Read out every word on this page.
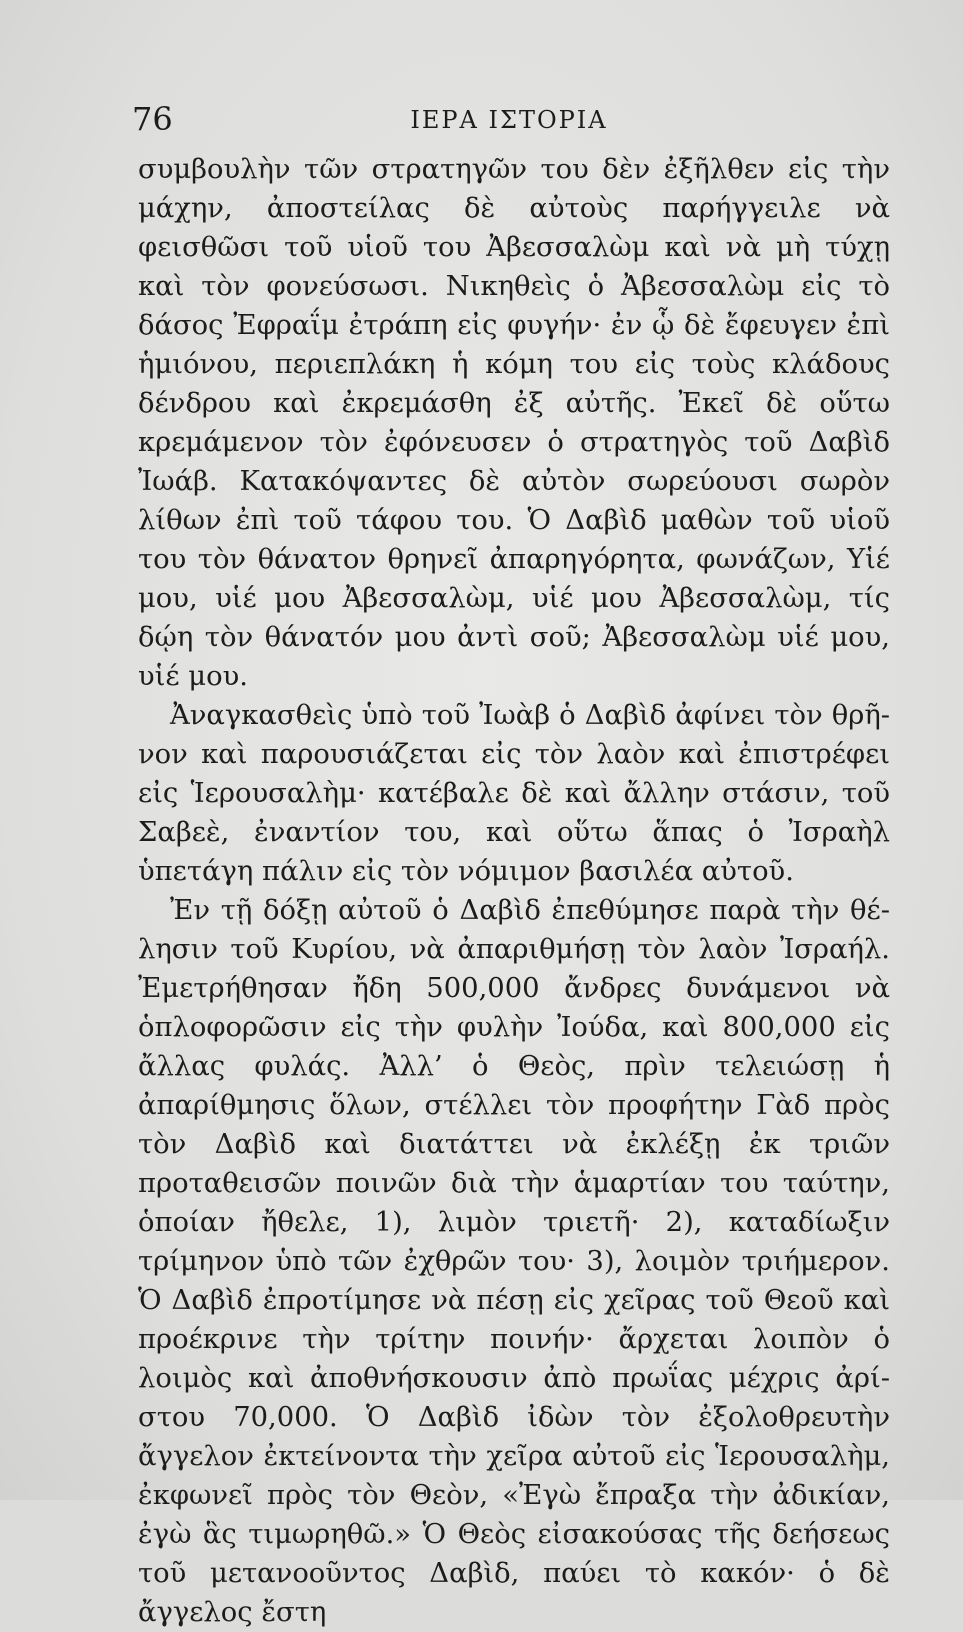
76	ΙΕΡΑ ΙΣΤΟΡΙΑ

συμβουλὴν τῶν στρατηγῶν του δὲν ἐξῆλθεν εἰς τὴν μάχην, ἀποστείλας δὲ αὐτοὺς παρήγγειλε νὰ φεισθῶσι τοῦ υἱοῦ του Ἀβεσσαλὼμ καὶ νὰ μὴ τύχῃ καὶ τὸν φονεύσωσι. Νικηθεὶς ὁ Ἀβεσσαλὼμ εἰς τὸ δάσος Ἐφραΐμ ἐτράπη εἰς φυγήν· ἐν ᾧ δὲ ἔφευγεν ἐπὶ ἡμιόνου, περιεπλάκη ἡ κόμη του εἰς τοὺς κλάδους δένδρου καὶ ἐκρεμάσθη ἐξ αὐτῆς. Ἐκεῖ δὲ οὕτω κρεμάμενον τὸν ἐφόνευσεν ὁ στρατηγὸς τοῦ Δαβὶδ Ἰωάβ. Κατακόψαντες δὲ αὐτὸν σωρεύουσι σωρὸν λίθων ἐπὶ τοῦ τάφου του. Ὁ Δαβὶδ μαθὼν τοῦ υἱοῦ του τὸν θάνατον θρηνεῖ ἀπαρηγόρητα, φωνάζων, Υἱέ μου, υἱέ μου Ἀβεσσαλὼμ, υἱέ μου Ἀβεσσαλὼμ, τίς δῴη τὸν θάνατόν μου ἀντὶ σοῦ; Ἀβεσσαλὼμ υἱέ μου, υἱέ μου.

Ἀναγκασθεὶς ὑπὸ τοῦ Ἰωὰβ ὁ Δαβὶδ ἀφίνει τὸν θρῆνον καὶ παρουσιάζεται εἰς τὸν λαὸν καὶ ἐπιστρέφει εἰς Ἱερουσαλὴμ· κατέβαλε δὲ καὶ ἄλλην στάσιν, τοῦ Σαβεὲ, ἐναντίον του, καὶ οὕτω ἅπας ὁ Ἰσραὴλ ὑπετάγη πάλιν εἰς τὸν νόμιμον βασιλέα αὐτοῦ.

Ἐν τῇ δόξῃ αὐτοῦ ὁ Δαβὶδ ἐπεθύμησε παρὰ τὴν θέλησιν τοῦ Κυρίου, νὰ ἀπαριθμήσῃ τὸν λαὸν Ἰσραήλ. Ἐμετρήθησαν ἤδη 500,000 ἄνδρες δυνάμενοι νὰ ὁπλοφορῶσιν εἰς τὴν φυλὴν Ἰούδα, καὶ 800,000 εἰς ἄλλας φυλάς. Ἀλλ’ ὁ Θεὸς, πρὶν τελειώσῃ ἡ ἀπαρίθμησις ὅλων, στέλλει τὸν προφήτην Γὰδ πρὸς τὸν Δαβὶδ καὶ διατάττει νὰ ἐκλέξῃ ἐκ τριῶν προταθεισῶν ποινῶν διὰ τὴν ἁμαρτίαν του ταύτην, ὁποίαν ἤθελε, 1), λιμὸν τριετῆ· 2), καταδίωξιν τρίμηνον ὑπὸ τῶν ἐχθρῶν του· 3), λοιμὸν τριήμερον. Ὁ Δαβὶδ ἐπροτίμησε νὰ πέσῃ εἰς χεῖρας τοῦ Θεοῦ καὶ προέκρινε τὴν τρίτην ποινήν· ἄρχεται λοιπὸν ὁ λοιμὸς καὶ ἀποθνήσκουσιν ἀπὸ πρωΐας μέχρις ἀρίστου 70,000. Ὁ Δαβὶδ ἰδὼν τὸν ἐξολοθρευτὴν ἄγγελον ἐκτείνοντα τὴν χεῖρα αὐτοῦ εἰς Ἱερουσαλὴμ, ἐκφωνεῖ πρὸς τὸν Θεὸν, «Ἐγὼ ἔπραξα τὴν ἀδικίαν, ἐγὼ ἃς τιμωρηθῶ.» Ὁ Θεὸς εἰσακούσας τῆς δεήσεως τοῦ μετανοοῦντος Δαβὶδ, παύει τὸ κακόν· ὁ δὲ ἄγγελος ἔστη
